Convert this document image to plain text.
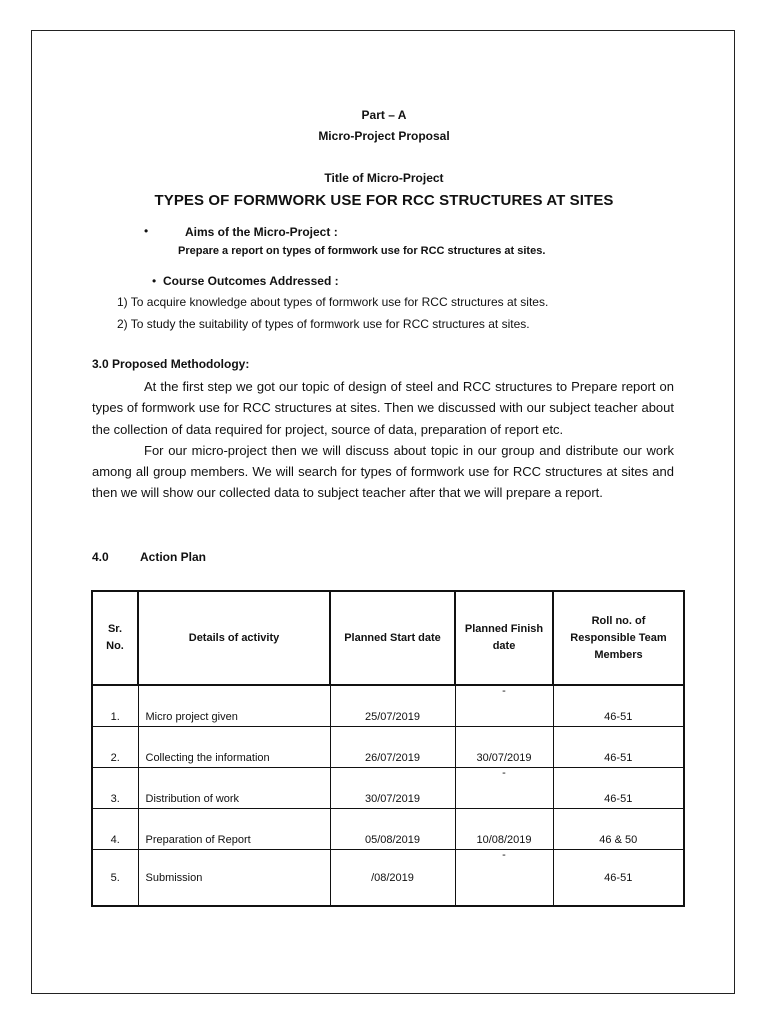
Part – A
Micro-Project Proposal
Title of Micro-Project
TYPES OF FORMWORK USE FOR RCC STRUCTURES AT SITES
•	Aims of the Micro-Project :
Prepare a report on types of formwork use for RCC structures at sites.
• Course Outcomes Addressed :
1) To acquire knowledge about types of formwork use for RCC structures at sites.
2) To study the suitability of types of formwork use for RCC structures at sites.
3.0 Proposed Methodology:

At the first step we got our topic of design of steel and RCC structures to Prepare report on types of formwork use for RCC structures at sites. Then we discussed with our subject teacher about the collection of data required for project, source of data, preparation of report etc.

For our micro-project then we will discuss about topic in our group and distribute our work among all group members. We will search for types of formwork use for RCC structures at sites and then we will show our collected data to subject teacher after that we will prepare a report.

4.0	Action Plan
Sr. No.	Details of activity	Planned Start date	Planned Finish date	Roll no. of Responsible Team Members

1.	Micro project given	25/07/2019	-	46-51
2.	Collecting the information	26/07/2019	30/07/2019	46-51
3.	Distribution of work	30/07/2019	-	46-51
4.	Preparation of Report	05/08/2019	10/08/2019	46 & 50
5.	Submission	/08/2019	-	46-51
